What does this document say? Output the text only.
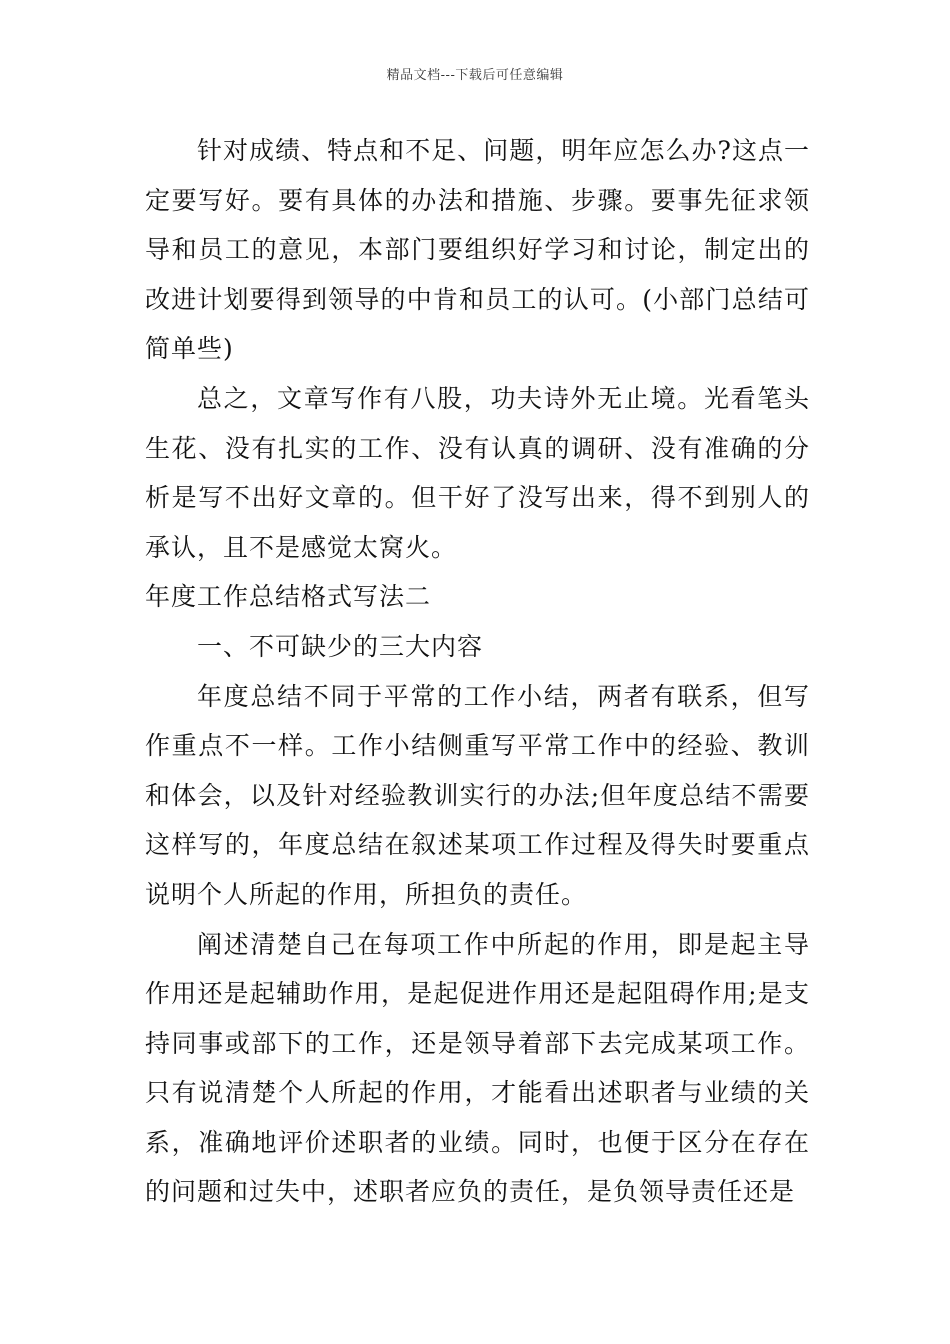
精品文档---下载后可任意编辑

针对成绩、特点和不足、问题，明年应怎么办?这点一定要写好。要有具体的办法和措施、步骤。要事先征求领导和员工的意见，本部门要组织好学习和讨论，制定出的改进计划要得到领导的中肯和员工的认可。(小部门总结可简单些)

总之，文章写作有八股，功夫诗外无止境。光看笔头生花、没有扎实的工作、没有认真的调研、没有准确的分析是写不出好文章的。但干好了没写出来，得不到别人的承认，且不是感觉太窝火。

年度工作总结格式写法二

一、不可缺少的三大内容

年度总结不同于平常的工作小结，两者有联系，但写作重点不一样。工作小结侧重写平常工作中的经验、教训和体会，以及针对经验教训实行的办法;但年度总结不需要这样写的，年度总结在叙述某项工作过程及得失时要重点说明个人所起的作用，所担负的责任。

阐述清楚自己在每项工作中所起的作用，即是起主导作用还是起辅助作用，是起促进作用还是起阻碍作用;是支持同事或部下的工作，还是领导着部下去完成某项工作。只有说清楚个人所起的作用，才能看出述职者与业绩的关系，准确地评价述职者的业绩。同时，也便于区分在存在的问题和过失中，述职者应负的责任，是负领导责任还是
